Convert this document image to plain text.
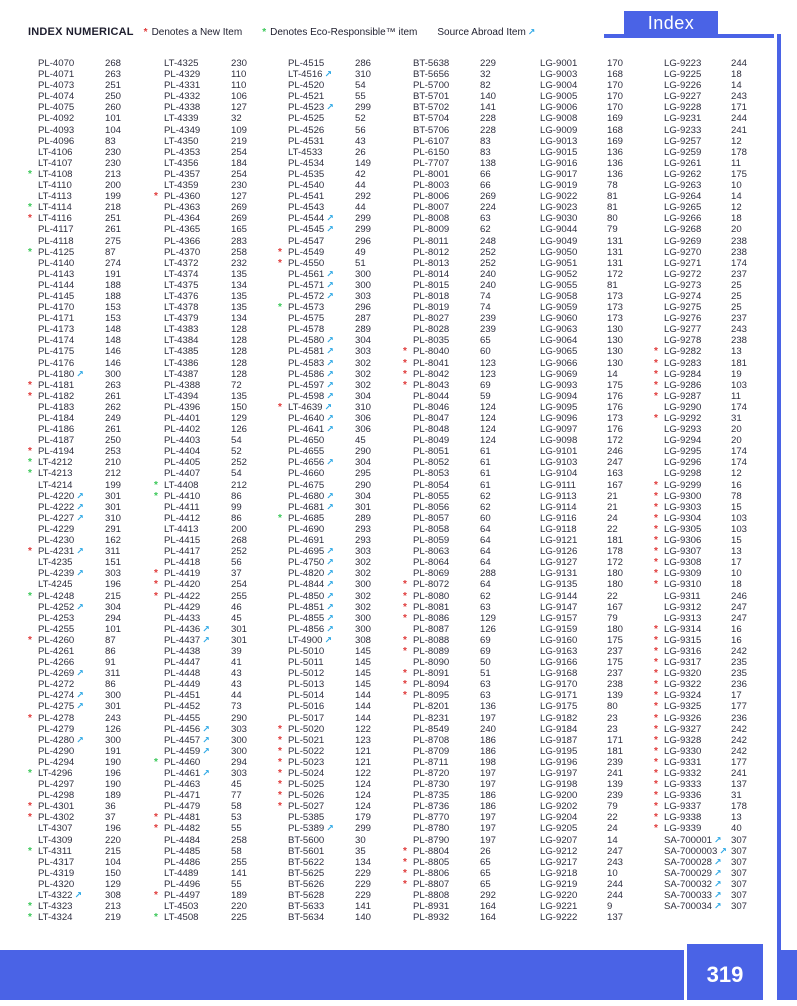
INDEX NUMERICAL * Denotes a New Item * Denotes Eco-Responsible™ item Source Abroad Item ↗	Index
PL-4070	268
PL-4071	263
PL-4073	251
PL-4074	250
PL-4075	260
PL-4092	101
PL-4093	104
PL-4096	83
LT-4106	230
LT-4107	230
* LT-4108	213
LT-4110	200
LT-4113	199
* LT-4114	218
* LT-4116	251
PL-4117	261
PL-4118	275
* PL-4125	87
PL-4140	274
PL-4143	191
PL-4144	188
PL-4145	188
PL-4170	153
PL-4171	153
PL-4173	148
PL-4174	148
PL-4175	146
PL-4176	146
PL-4180 ↗ 300
* PL-4181	263
* PL-4182	261
PL-4183	262
PL-4184	249
PL-4186	261
PL-4187	250
* PL-4194	253
* LT-4212	210
* LT-4213	212
LT-4214	199
PL-4220 ↗ 301
PL-4222 ↗ 301
PL-4227 ↗ 310
PL-4229	291
PL-4230	162
* PL-4231 ↗ 311
LT-4235	151
PL-4239 ↗ 303
LT-4245	196
* PL-4248	215
PL-4252 ↗ 304
PL-4253	294
PL-4255	101
* PL-4260	87
PL-4261	86
PL-4266	91
PL-4269 ↗ 311
PL-4272	86
PL-4274 ↗ 300
PL-4275 ↗ 301
* PL-4278	243
PL-4279	126
PL-4280 ↗ 300
PL-4290	191
PL-4294	190
* LT-4296	196
PL-4297	190
PL-4298	189
* PL-4301	36
* PL-4302	37
LT-4307	196
LT-4309	220
* LT-4311	215
PL-4317	104
PL-4319	150
PL-4320	129
LT-4322 ↗ 308
* LT-4323	213
* LT-4324	219
LT-4325	230
PL-4329	110
PL-4331	110
PL-4332	106
PL-4338	127
LT-4339	32
PL-4349	109
LT-4350	219
PL-4353	254
LT-4356	184
PL-4357	254
LT-4359	230
* PL-4360	127
PL-4363	269
PL-4364	269
PL-4365	165
PL-4366	283
PL-4370	258
LT-4372	232
LT-4374	135
LT-4375	134
LT-4376	135
LT-4378	135
LT-4379	134
LT-4383	128
LT-4384	128
LT-4385	128
LT-4386	128
LT-4387	128
PL-4388	72
LT-4394	135
PL-4396	150
PL-4401	129
PL-4402	126
PL-4403	54
PL-4404	52
PL-4405	252
PL-4407	54
* LT-4408	212
* PL-4410	86
PL-4411	99
PL-4412	86
LT-4413	200
PL-4415	268
PL-4417	252
PL-4418	56
* PL-4419	37
* PL-4420	254
* PL-4422	255
PL-4429	46
PL-4433	45
PL-4436 ↗ 301
PL-4437 ↗ 301
PL-4438	39
PL-4447	41
PL-4448	43
PL-4449	43
PL-4451	44
PL-4452	73
PL-4455	290
PL-4456 ↗ 303
PL-4457 ↗ 300
PL-4459 ↗ 300
* PL-4460	294
PL-4461 ↗ 303
PL-4463	45
PL-4471	77
PL-4479	58
* PL-4481	53
* PL-4482	55
PL-4484	258
PL-4485	58
PL-4486	255
LT-4489	141
PL-4496	55
* PL-4497	189
LT-4503	220
* LT-4508	225
PL-4515	286
LT-4516 ↗ 310
PL-4520	54
PL-4521	55
PL-4523 ↗ 299
PL-4525	52
PL-4526	56
PL-4531	43
LT-4533	26
PL-4534	149
PL-4535	42
PL-4540	44
PL-4541	292
PL-4543	44
PL-4544 ↗ 299
PL-4545 ↗ 299
PL-4547	296
* PL-4549	49
* PL-4550	51
PL-4561 ↗ 300
PL-4571 ↗ 300
PL-4572 ↗ 303
* PL-4573	296
PL-4575	287
PL-4578	289
PL-4580 ↗ 304
PL-4581 ↗ 303
PL-4583 ↗ 302
PL-4586 ↗ 302
PL-4597 ↗ 302
PL-4598 ↗ 304
* LT-4639 ↗ 310
PL-4640 ↗ 306
PL-4641 ↗ 306
PL-4650	45
PL-4655	290
PL-4656 ↗ 304
PL-4660	295
PL-4675	290
PL-4680 ↗ 304
PL-4681 ↗ 301
* PL-4685	289
PL-4690	293
PL-4691	293
PL-4695 ↗ 303
PL-4750 ↗ 302
PL-4820 ↗ 302
PL-4844 ↗ 300
PL-4850 ↗ 302
PL-4851 ↗ 302
PL-4855 ↗ 300
PL-4856 ↗ 300
LT-4900 ↗ 308
PL-5010	145
PL-5011	145
PL-5012	145
PL-5013	145
PL-5014	144
PL-5016	144
PL-5017	144
* PL-5020	122
* PL-5021	123
* PL-5022	121
* PL-5023	121
* PL-5024	122
* PL-5025	124
* PL-5026	124
* PL-5027	124
PL-5385	179
PL-5389 ↗ 299
BT-5600	30
BT-5601	35
BT-5622	134
BT-5625	229
BT-5626	229
BT-5628	229
BT-5633	141
BT-5634	140
BT-5638	229
BT-5656	32
PL-5700	82
BT-5701	140
BT-5702	141
BT-5704	228
BT-5706	228
PL-6107	83
PL-6150	83
PL-7707	138
PL-8001	66
PL-8003	66
PL-8006	269
PL-8007	224
PL-8008	63
PL-8009	62
PL-8011	248
PL-8012	252
PL-8013	252
PL-8014	240
PL-8015	240
PL-8018	74
PL-8019	74
PL-8027	239
PL-8028	239
PL-8035	65
* PL-8040	60
* PL-8041	123
* PL-8042	123
* PL-8043	69
PL-8044	59
PL-8046	124
PL-8047	124
PL-8048	124
PL-8049	124
PL-8051	61
PL-8052	61
PL-8053	61
PL-8054	61
PL-8055	62
PL-8056	62
PL-8057	60
PL-8058	64
PL-8059	64
PL-8063	64
PL-8064	64
PL-8069	288
* PL-8072	64
* PL-8080	62
* PL-8081	63
* PL-8086	129
PL-8087	126
* PL-8088	69
* PL-8089	69
PL-8090	50
* PL-8091	51
* PL-8094	63
* PL-8095	63
PL-8201	136
PL-8231	197
PL-8549	240
PL-8708	186
PL-8709	186
PL-8711	198
PL-8720	197
PL-8730	197
PL-8735	186
PL-8736	186
PL-8770	197
PL-8780	197
PL-8790	197
* PL-8804	26
* PL-8805	65
* PL-8806	65
* PL-8807	65
PL-8808	292
PL-8931	164
PL-8932	164
LG-9001	170
LG-9003	168
LG-9004	170
LG-9005	170
LG-9006	170
LG-9008	169
LG-9009	168
LG-9013	169
LG-9015	136
LG-9016	136
LG-9017	136
LG-9019	78
LG-9022	81
LG-9023	81
LG-9030	80
LG-9044	79
LG-9049	131
LG-9050	131
LG-9051	131
LG-9052	172
LG-9055	81
LG-9058	173
LG-9059	173
LG-9060	173
LG-9063	130
LG-9064	130
LG-9065	130
LG-9066	130
LG-9069	14
LG-9093	175
LG-9094	176
LG-9095	176
LG-9096	173
LG-9097	176
LG-9098	172
LG-9101	246
LG-9103	247
LG-9104	163
LG-9111	167
LG-9113	21
LG-9114	21
LG-9116	24
LG-9118	22
LG-9121	181
LG-9126	178
LG-9127	172
LG-9131	180
LG-9135	180
LG-9144	22
LG-9147	167
LG-9157	79
LG-9159	180
LG-9160	175
LG-9163	237
LG-9166	175
LG-9168	237
LG-9170	238
LG-9171	139
LG-9175	80
LG-9182	23
LG-9184	23
LG-9187	171
LG-9195	181
LG-9196	239
LG-9197	241
LG-9198	139
LG-9200	239
LG-9202	79
LG-9204	22
LG-9205	24
LG-9207	14
LG-9212	247
LG-9217	243
LG-9218	10
LG-9219	244
LG-9220	244
LG-9221	9
LG-9222	137
LG-9223	244
LG-9225	18
LG-9226	14
LG-9227	243
LG-9228	171
LG-9231	244
LG-9233	241
LG-9257	12
LG-9259	178
LG-9261	11
LG-9262	175
LG-9263	10
LG-9264	14
LG-9265	12
LG-9266	18
LG-9268	20
LG-9269	238
LG-9270	238
LG-9271	174
LG-9272	237
LG-9273	25
LG-9274	25
LG-9275	25
LG-9276	237
LG-9277	243
LG-9278	238
* LG-9282	13
* LG-9283	181
* LG-9284	19
* LG-9286	103
* LG-9287	11
LG-9290	174
* LG-9292	31
LG-9293	20
LG-9294	20
LG-9295	174
LG-9296	174
LG-9298	12
* LG-9299	16
* LG-9300	78
* LG-9303	15
* LG-9304	103
* LG-9305	103
* LG-9306	15
* LG-9307	13
* LG-9308	17
* LG-9309	10
* LG-9310	18
LG-9311	246
LG-9312	247
LG-9313	247
* LG-9314	16
* LG-9315	16
* LG-9316	242
* LG-9317	235
* LG-9320	235
* LG-9322	236
* LG-9324	17
* LG-9325	177
* LG-9326	236
* LG-9327	242
* LG-9328	242
* LG-9330	242
* LG-9331	177
* LG-9332	241
* LG-9333	137
* LG-9336	31
* LG-9337	178
* LG-9338	13
* LG-9339	40
SA-700001 ↗ 307
SA-7000003 ↗ 307
SA-700028 ↗ 307
SA-700029 ↗ 307
SA-700032 ↗ 307
SA-700033 ↗ 307
SA-700034 ↗ 307
319
